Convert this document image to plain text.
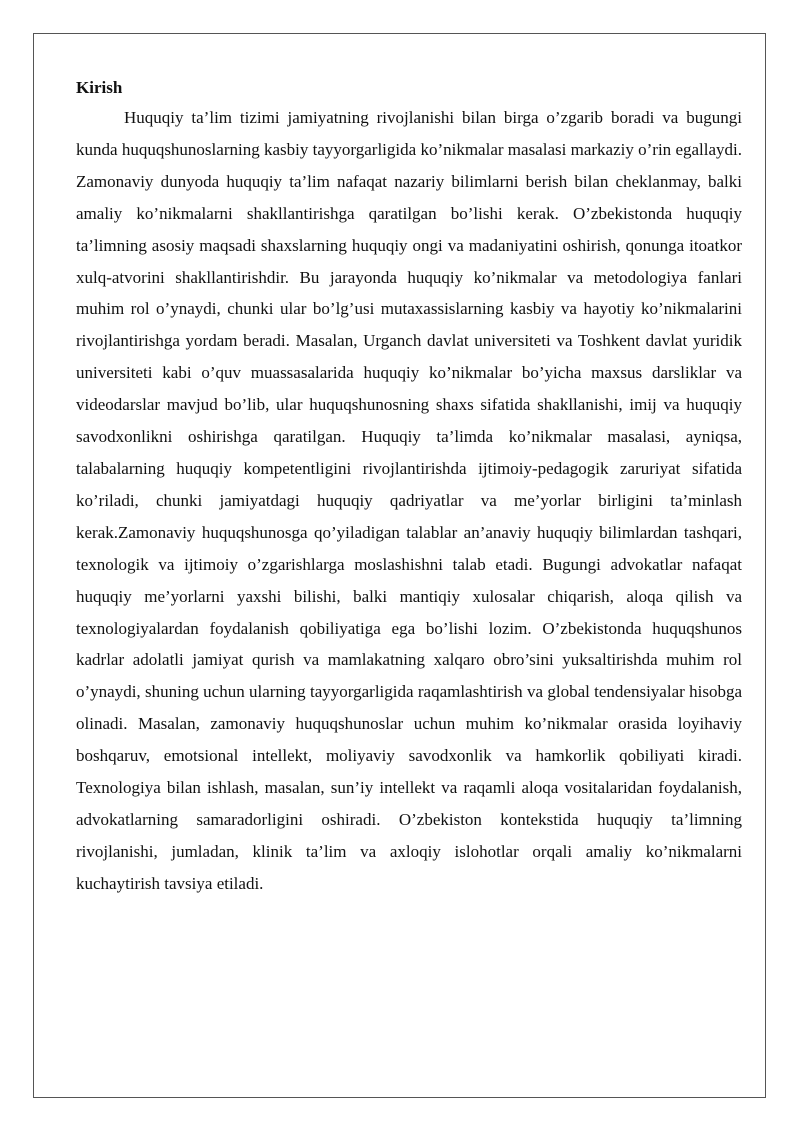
Kirish

Huquqiy ta’lim tizimi jamiyatning rivojlanishi bilan birga o’zgarib boradi va bugungi kunda huquqshunoslarning kasbiy tayyorgarligida ko’nikmalar masalasi markaziy o’rin egallaydi. Zamonaviy dunyoda huquqiy ta’lim nafaqat nazariy bilimlarni berish bilan cheklanmay, balki amaliy ko’nikmalarni shakllantirishga qaratilgan bo’lishi kerak. O’zbekistonda huquqiy ta’limning asosiy maqsadi shaxslarning huquqiy ongi va madaniyatini oshirish, qonunga itoatkor xulq-atvorini shakllantirishdir. Bu jarayonda huquqiy ko’nikmalar va metodologiya fanlari muhim rol o’ynaydi, chunki ular bo’lg’usi mutaxassislarning kasbiy va hayotiy ko’nikmalarini rivojlantirishga yordam beradi. Masalan, Urganch davlat universiteti va Toshkent davlat yuridik universiteti kabi o’quv muassasalarida huquqiy ko’nikmalar bo’yicha maxsus darsliklar va videodarslar mavjud bo’lib, ular huquqshunosning shaxs sifatida shakllanishi, imij va huquqiy savodxonlikni oshirishga qaratilgan. Huquqiy ta’limda ko’nikmalar masalasi, ayniqsa, talabalarning huquqiy kompetentligini rivojlantirishda ijtimoiy-pedagogik zaruriyat sifatida ko’riladi, chunki jamiyatdagi huquqiy qadriyatlar va me’yorlar birligini ta’minlash kerak.Zamonaviy huquqshunosga qo’yiladigan talablar an’anaviy huquqiy bilimlardan tashqari, texnologik va ijtimoiy o’zgarishlarga moslashishni talab etadi. Bugungi advokatlar nafaqat huquqiy me’yorlarni yaxshi bilishi, balki mantiqiy xulosalar chiqarish, aloqa qilish va texnologiyalardan foydalanish qobiliyatiga ega bo’lishi lozim. O’zbekistonda huquqshunos kadrlar adolatli jamiyat qurish va mamlakatning xalqaro obro’sini yuksaltirishda muhim rol o’ynaydi, shuning uchun ularning tayyorgarligida raqamlashtirish va global tendensiyalar hisobga olinadi. Masalan, zamonaviy huquqshunoslar uchun muhim ko’nikmalar orasida loyihaviy boshqaruv, emotsional intellekt, moliyaviy savodxonlik va hamkorlik qobiliyati kiradi. Texnologiya bilan ishlash, masalan, sun’iy intellekt va raqamli aloqa vositalaridan foydalanish, advokatlarning samaradorligini oshiradi. O’zbekiston kontekstida huquqiy ta’limning rivojlanishi, jumladan, klinik ta’lim va axloqiy islohotlar orqali amaliy ko’nikmalarni kuchaytirish tavsiya etiladi.
